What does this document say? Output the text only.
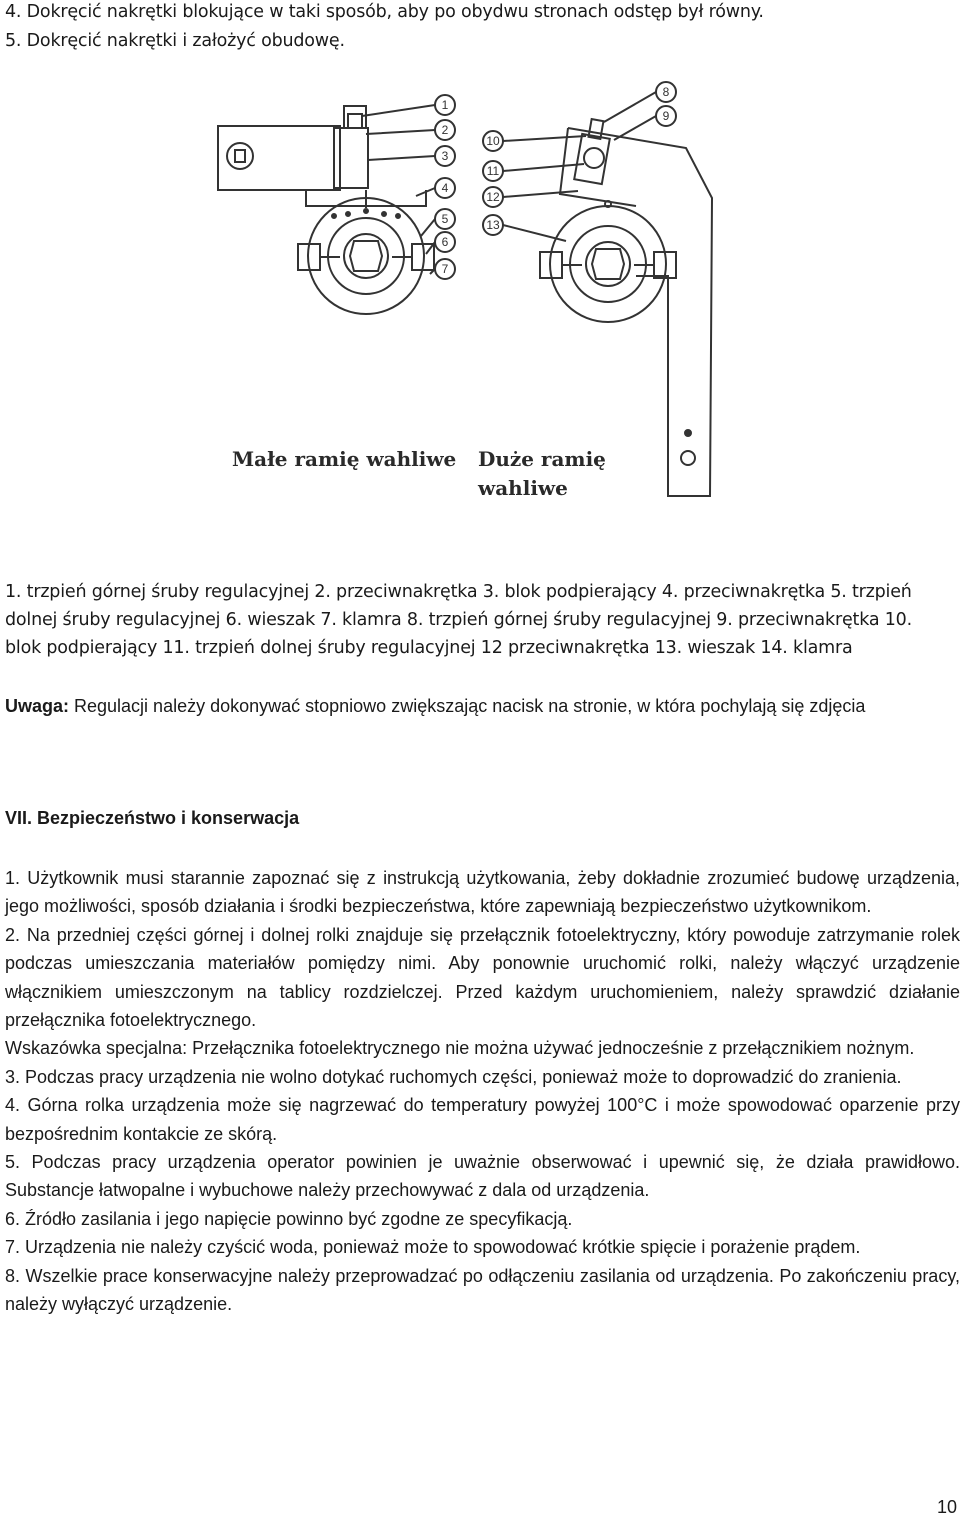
4. Dokręcić nakrętki blokujące w taki sposób, aby po obydwu stronach odstęp był równy.
5. Dokręcić nakrętki i założyć obudowę.
1
2
3
4
5
6
7
8
9
10
11
12
13
Małe ramię wahliwe Duże ramię
wahliwe
1. trzpień górnej śruby regulacyjnej 2. przeciwnakrętka 3. blok podpierający 4. przeciwnakrętka 5. trzpień dolnej śruby regulacyjnej 6. wieszak 7. klamra 8. trzpień górnej śruby regulacyjnej 9. przeciwnakrętka 10. blok podpierający 11. trzpień dolnej śruby regulacyjnej 12 przeciwnakrętka 13. wieszak 14. klamra
Uwaga: Regulacji należy dokonywać stopniowo zwiększając nacisk na stronie, w która pochylają się zdjęcia
VII. Bezpieczeństwo i konserwacja

1. Użytkownik musi starannie zapoznać się z instrukcją użytkowania, żeby dokładnie zrozumieć budowę urządzenia, jego możliwości, sposób działania i środki bezpieczeństwa, które zapewniają bezpieczeństwo użytkownikom.

2. Na przedniej części górnej i dolnej rolki znajduje się przełącznik fotoelektryczny, który powoduje zatrzymanie rolek podczas umieszczania materiałów pomiędzy nimi. Aby ponownie uruchomić rolki, należy włączyć urządzenie włącznikiem umieszczonym na tablicy rozdzielczej. Przed każdym uruchomieniem, należy sprawdzić działanie przełącznika fotoelektrycznego.

Wskazówka specjalna: Przełącznika fotoelektrycznego nie można używać jednocześnie z przełącznikiem nożnym.

3. Podczas pracy urządzenia nie wolno dotykać ruchomych części, ponieważ może to doprowadzić do zranienia.

4. Górna rolka urządzenia może się nagrzewać do temperatury powyżej 100°C i może spowodować oparzenie przy bezpośrednim kontakcie ze skórą.

5. Podczas pracy urządzenia operator powinien je uważnie obserwować i upewnić się, że działa prawidłowo. Substancje łatwopalne i wybuchowe należy przechowywać z dala od urządzenia.

6. Źródło zasilania i jego napięcie powinno być zgodne ze specyfikacją.

7. Urządzenia nie należy czyścić woda, ponieważ może to spowodować krótkie spięcie i porażenie prądem.

8. Wszelkie prace konserwacyjne należy przeprowadzać po odłączeniu zasilania od urządzenia. Po zakończeniu pracy, należy wyłączyć urządzenie.

10
